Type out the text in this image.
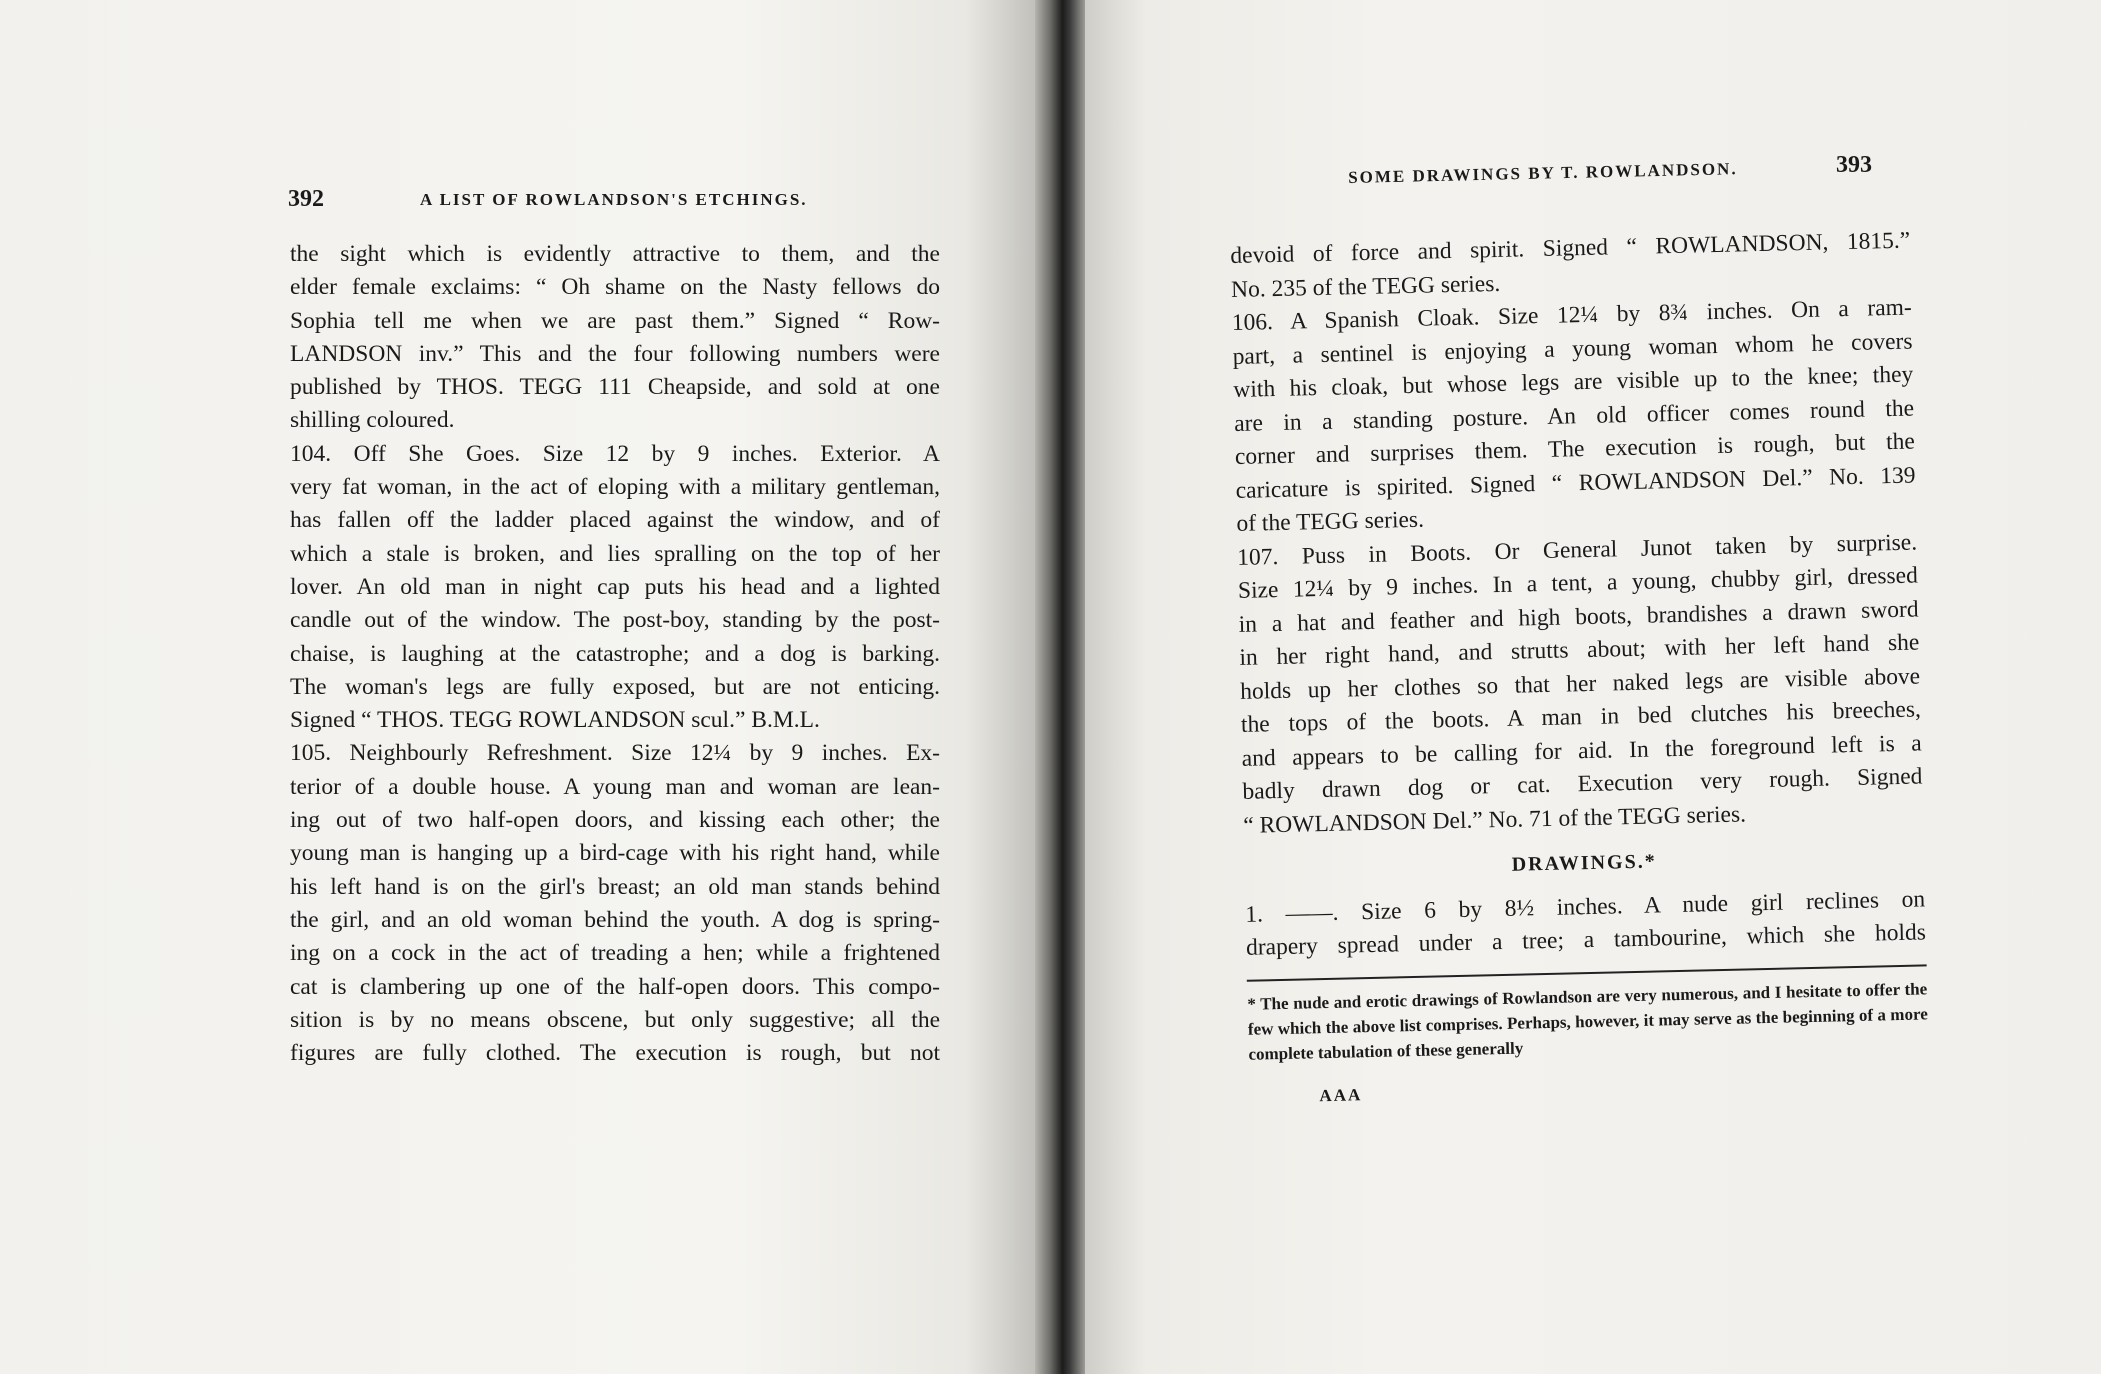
392	A LIST OF ROWLANDSON'S ETCHINGS.
the sight which is evidently attractive to them, and the
elder female exclaims: “ Oh shame on the Nasty fellows do
Sophia tell me when we are past them.” Signed “ Row-
LANDSON inv.” This and the four following numbers were
published by THOS. TEGG 111 Cheapside, and sold at one
shilling coloured.
104. Off She Goes. Size 12 by 9 inches. Exterior. A
very fat woman, in the act of eloping with a military gentleman,
has fallen off the ladder placed against the window, and of
which a stale is broken, and lies spralling on the top of her
lover. An old man in night cap puts his head and a lighted
candle out of the window. The post-boy, standing by the post-
chaise, is laughing at the catastrophe; and a dog is barking.
The woman's legs are fully exposed, but are not enticing.
Signed “ THOS. TEGG ROWLANDSON scul.” B.M.L.
105. Neighbourly Refreshment. Size 12¼ by 9 inches. Ex-
terior of a double house. A young man and woman are lean-
ing out of two half-open doors, and kissing each other; the
young man is hanging up a bird-cage with his right hand, while
his left hand is on the girl's breast; an old man stands behind
the girl, and an old woman behind the youth. A dog is spring-
ing on a cock in the act of treading a hen; while a frightened
cat is clambering up one of the half-open doors. This compo-
sition is by no means obscene, but only suggestive; all the
figures are fully clothed. The execution is rough, but not
SOME DRAWINGS BY T. ROWLANDSON.	393
devoid of force and spirit. Signed “ ROWLANDSON, 1815.”
No. 235 of the TEGG series.
106. A Spanish Cloak. Size 12¼ by 8¾ inches. On a ram-
part, a sentinel is enjoying a young woman whom he covers
with his cloak, but whose legs are visible up to the knee; they
are in a standing posture. An old officer comes round the
corner and surprises them. The execution is rough, but the
caricature is spirited. Signed “ ROWLANDSON Del.” No. 139
of the TEGG series.
107. Puss in Boots. Or General Junot taken by surprise.
Size 12¼ by 9 inches. In a tent, a young, chubby girl, dressed
in a hat and feather and high boots, brandishes a drawn sword
in her right hand, and strutts about; with her left hand she
holds up her clothes so that her naked legs are visible above
the tops of the boots. A man in bed clutches his breeches,
and appears to be calling for aid. In the foreground left is a
badly drawn dog or cat. Execution very rough. Signed
“ ROWLANDSON Del.” No. 71 of the TEGG series.
DRAWINGS.*
1. ——. Size 6 by 8½ inches. A nude girl reclines on
drapery spread under a tree; a tambourine, which she holds
* The nude and erotic drawings of Rowlandson are very numerous, and I hesitate to offer the few which the above list comprises. Perhaps, however, it may serve as the beginning of a more complete tabulation of these generally
AAA
